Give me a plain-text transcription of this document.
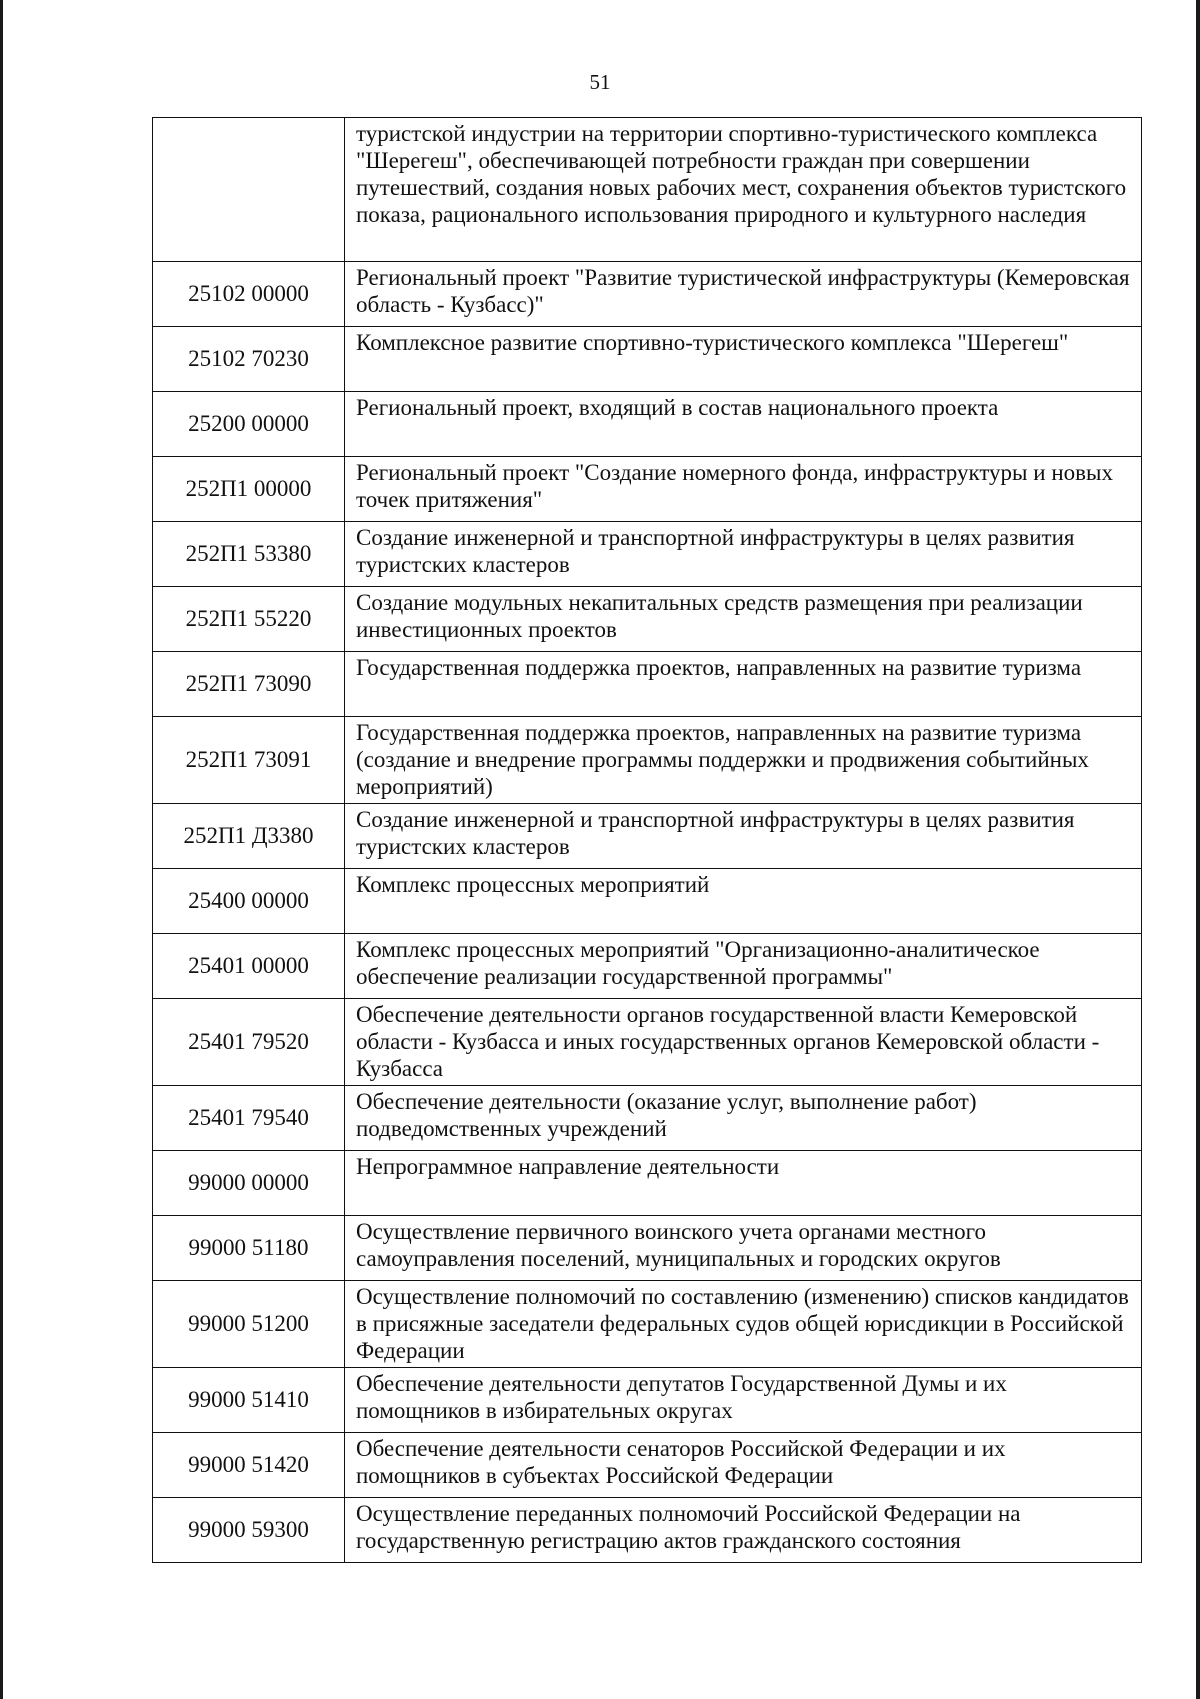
51
	туристской индустрии на территории спортивно-туристического комплекса "Шерегеш", обеспечивающей потребности граждан при совершении путешествий, создания новых рабочих мест, сохранения объектов туристского показа, рационального использования природного и культурного наследия
25102 00000	Региональный проект "Развитие туристической инфраструктуры (Кемеровская область - Кузбасс)"
25102 70230	Комплексное развитие спортивно-туристического комплекса "Шерегеш"
25200 00000	Региональный проект, входящий в состав национального проекта
252П1 00000	Региональный проект "Создание номерного фонда, инфраструктуры и новых точек притяжения"
252П1 53380	Создание инженерной и транспортной инфраструктуры в целях развития туристских кластеров
252П1 55220	Создание модульных некапитальных средств размещения при реализации инвестиционных проектов
252П1 73090	Государственная поддержка проектов, направленных на развитие туризма
252П1 73091	Государственная поддержка проектов, направленных на развитие туризма (создание и внедрение программы поддержки и продвижения событийных мероприятий)
252П1 Д3380	Создание инженерной и транспортной инфраструктуры в целях развития туристских кластеров
25400 00000	Комплекс процессных мероприятий
25401 00000	Комплекс процессных мероприятий "Организационно-аналитическое обеспечение реализации государственной программы"
25401 79520	Обеспечение деятельности органов государственной власти Кемеровской области - Кузбасса и иных государственных органов Кемеровской области - Кузбасса
25401 79540	Обеспечение деятельности (оказание услуг, выполнение работ) подведомственных учреждений
99000 00000	Непрограммное направление деятельности
99000 51180	Осуществление первичного воинского учета органами местного самоуправления поселений, муниципальных и городских округов
99000 51200	Осуществление полномочий по составлению (изменению) списков кандидатов в присяжные заседатели федеральных судов общей юрисдикции в Российской Федерации
99000 51410	Обеспечение деятельности депутатов Государственной Думы и их помощников в избирательных округах
99000 51420	Обеспечение деятельности сенаторов Российской Федерации и их помощников в субъектах Российской Федерации
99000 59300	Осуществление переданных полномочий Российской Федерации на государственную регистрацию актов гражданского состояния
